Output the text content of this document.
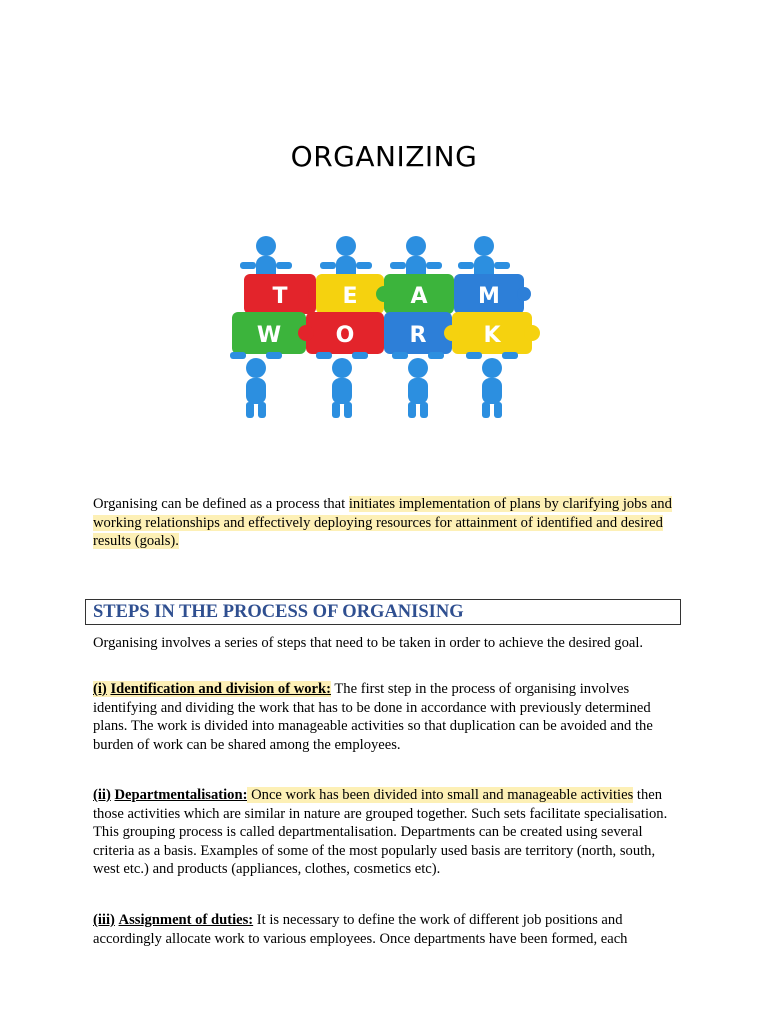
ORGANIZING
T E A M
W O	R	K
Organising can be defined as a process that initiates implementation of plans by clarifying jobs and working relationships and effectively deploying resources for attainment of identified and desired results (goals).
STEPS IN THE PROCESS OF ORGANISING
Organising involves a series of steps that need to be taken in order to achieve the desired goal.
(i) Identification and division of work: The first step in the process of organising involves identifying and dividing the work that has to be done in accordance with previously determined plans. The work is divided into manageable activities so that duplication can be avoided and the burden of work can be shared among the employees.
(ii) Departmentalisation: Once work has been divided into small and manageable activities then those activities which are similar in nature are grouped together. Such sets facilitate specialisation. This grouping process is called departmentalisation. Departments can be created using several criteria as a basis. Examples of some of the most popularly used basis are territory (north, south, west etc.) and products (appliances, clothes, cosmetics etc).
(iii) Assignment of duties: It is necessary to define the work of different job positions and accordingly allocate work to various employees. Once departments have been formed, each
